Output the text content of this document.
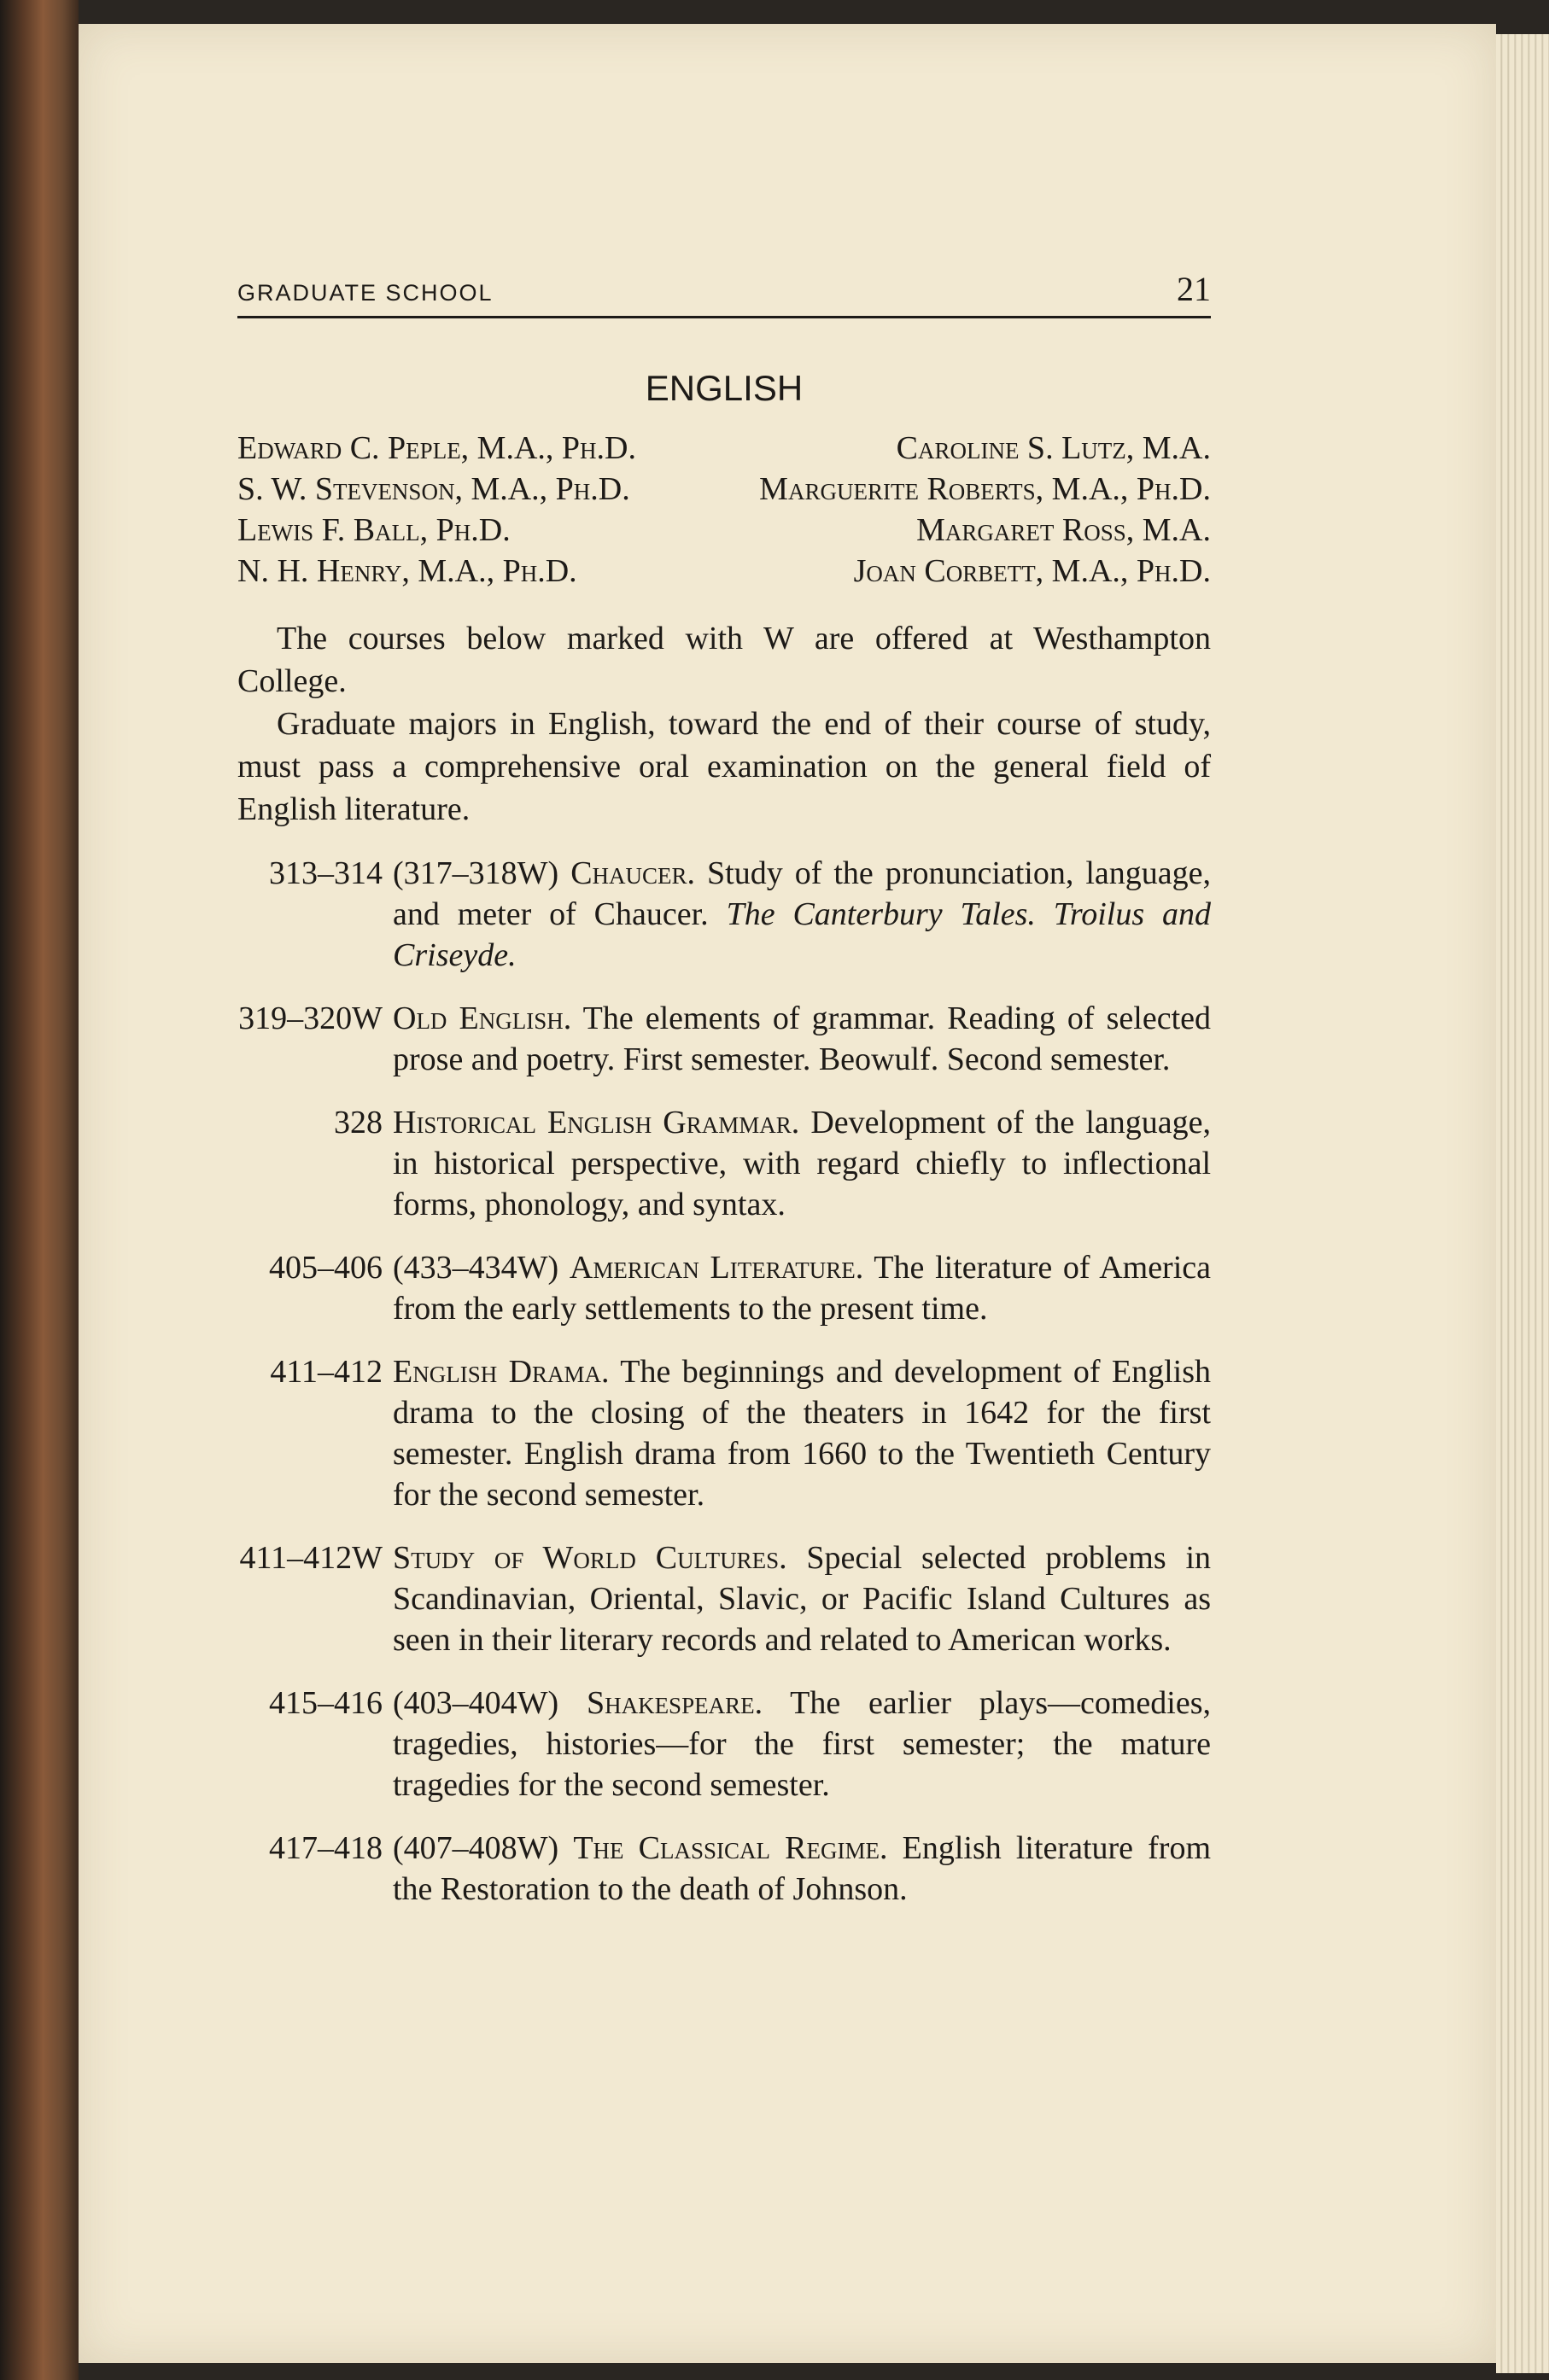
GRADUATE SCHOOL	21
ENGLISH
Edward C. Peple, M.A., Ph.D.	Caroline S. Lutz, M.A.
S. W. Stevenson, M.A., Ph.D.	Marguerite Roberts, M.A., Ph.D.
Lewis F. Ball, Ph.D.	Margaret Ross, M.A.
N. H. Henry, M.A., Ph.D.	Joan Corbett, M.A., Ph.D.

The courses below marked with W are offered at Westhampton College.

Graduate majors in English, toward the end of their course of study, must pass a comprehensive oral examination on the general field of English literature.

313–314 (317–318W) Chaucer. Study of the pronunciation, language, and meter of Chaucer. The Canterbury Tales. Troilus and Criseyde.
319–320W Old English. The elements of grammar. Reading of selected prose and poetry. First semester. Beowulf. Second semester.
328 Historical English Grammar. Development of the language, in historical perspective, with regard chiefly to inflectional forms, phonology, and syntax.
405–406 (433–434W) American Literature. The literature of America from the early settlements to the present time.
411–412 English Drama. The beginnings and development of English drama to the closing of the theaters in 1642 for the first semester. English drama from 1660 to the Twentieth Century for the second semester.
411–412W Study of World Cultures. Special selected problems in Scandinavian, Oriental, Slavic, or Pacific Island Cultures as seen in their literary records and related to American works.
415–416 (403–404W) Shakespeare. The earlier plays—comedies, tragedies, histories—for the first semester; the mature tragedies for the second semester.
417–418 (407–408W) The Classical Regime. English literature from the Restoration to the death of Johnson.
